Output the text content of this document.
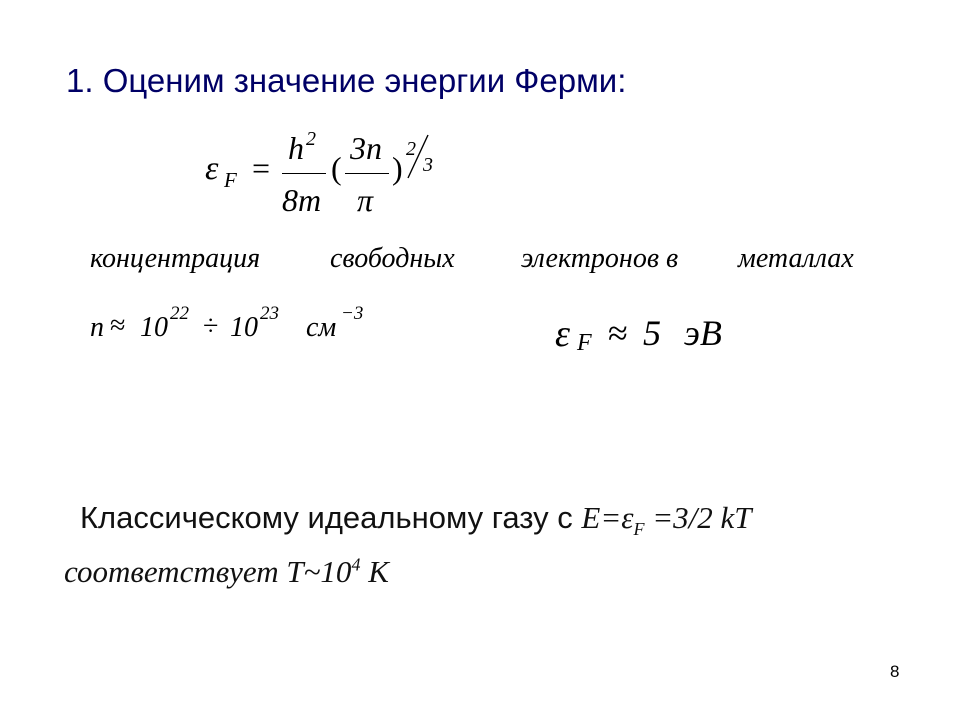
1. Оценим значение энергии Ферми:
ε F =
h 2
8m
(
3n
π
)
2
3
концентрация свободных электронов в металлах
n ≈ 10 22 ÷ 10 23 см −3	ε F ≈ 5 эВ
Классическому идеальному газу с $E=\varepsilon_F =3/2$ kT
соответствует $T\sim 10^4$ K
8
